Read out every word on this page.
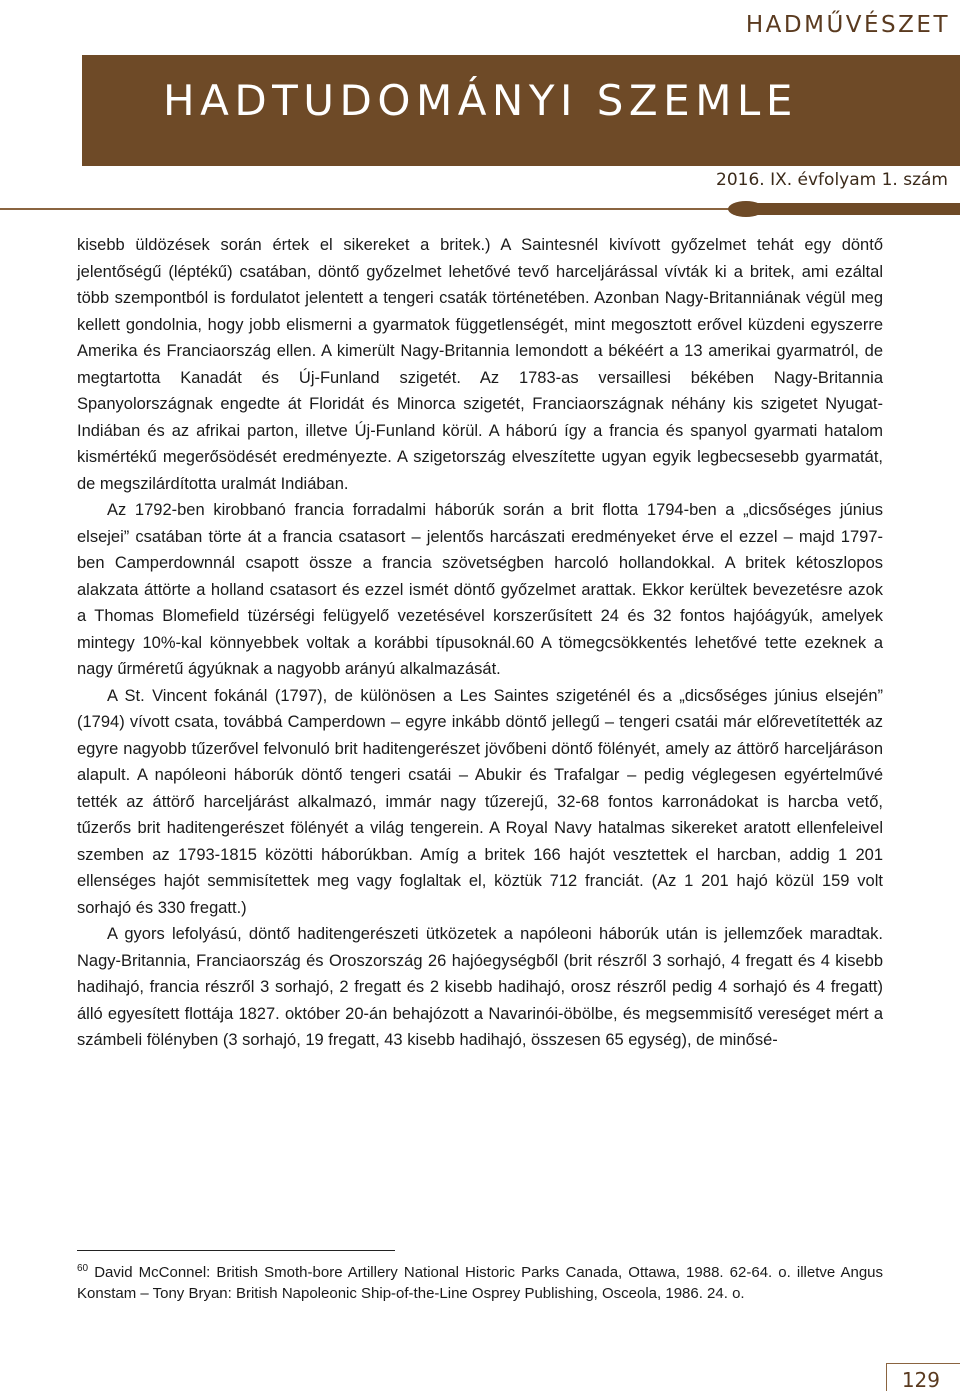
HADMŰVÉSZET
HADTUDOMÁNYI SZEMLE
2016. IX. évfolyam 1. szám

kisebb üldözések során értek el sikereket a britek.) A Saintesnél kivívott győzelmet tehát egy döntő jelentőségű (léptékű) csatában, döntő győzelmet lehetővé tevő harceljárással vívták ki a britek, ami ezáltal több szempontból is fordulatot jelentett a tengeri csaták történetében. Azonban Nagy-Britanniának végül meg kellett gondolnia, hogy jobb elismerni a gyarmatok függetlenségét, mint megosztott erővel küzdeni egyszerre Amerika és Franciaország ellen. A kimerült Nagy-Britannia lemondott a békéért a 13 amerikai gyarmatról, de megtartotta Kanadát és Új-Funland szigetét. Az 1783-as versaillesi békében Nagy-Britannia Spanyolországnak engedte át Floridát és Minorca szigetét, Franciaországnak néhány kis szigetet Nyugat-Indiában és az afrikai parton, illetve Új-Funland körül. A háború így a francia és spanyol gyarmati hatalom kismértékű megerősödését eredményezte. A szigetország elveszítette ugyan egyik legbecsesebb gyarmatát, de megszilárdította uralmát Indiában.

Az 1792-ben kirobbanó francia forradalmi háborúk során a brit flotta 1794-ben a „dicsőséges június elsejei” csatában törte át a francia csatasort – jelentős harcászati eredményeket érve el ezzel – majd 1797-ben Camperdownnál csapott össze a francia szövetségben harcoló hollandokkal. A britek kétoszlopos alakzata áttörte a holland csatasort és ezzel ismét döntő győzelmet arattak. Ekkor kerültek bevezetésre azok a Thomas Blomefield tüzérségi felügyelő vezetésével korszerűsített 24 és 32 fontos hajóágyúk, amelyek mintegy 10%-kal könnyebbek voltak a korábbi típusoknál.60 A tömegcsökkentés lehetővé tette ezeknek a nagy űrméretű ágyúknak a nagyobb arányú alkalmazását.

A St. Vincent fokánál (1797), de különösen a Les Saintes szigeténél és a „dicsőséges június elsején” (1794) vívott csata, továbbá Camperdown – egyre inkább döntő jellegű – tengeri csatái már előrevetítették az egyre nagyobb tűzerővel felvonuló brit haditengerészet jövőbeni döntő fölényét, amely az áttörő harceljáráson alapult. A napóleoni háborúk döntő tengeri csatái – Abukir és Trafalgar – pedig véglegesen egyértelművé tették az áttörő harceljárást alkalmazó, immár nagy tűzerejű, 32-68 fontos karronádokat is harcba vető, tűzerős brit haditengerészet fölényét a világ tengerein. A Royal Navy hatalmas sikereket aratott ellenfeleivel szemben az 1793-1815 közötti háborúkban. Amíg a britek 166 hajót vesztettek el harcban, addig 1 201 ellenséges hajót semmisítettek meg vagy foglaltak el, köztük 712 franciát. (Az 1 201 hajó közül 159 volt sorhajó és 330 fregatt.)

A gyors lefolyású, döntő haditengerészeti ütközetek a napóleoni háborúk után is jellemzőek maradtak. Nagy-Britannia, Franciaország és Oroszország 26 hajóegységből (brit részről 3 sorhajó, 4 fregatt és 4 kisebb hadihajó, francia részről 3 sorhajó, 2 fregatt és 2 kisebb hadihajó, orosz részről pedig 4 sorhajó és 4 fregatt) álló egyesített flottája 1827. október 20-án behajózott a Navarinói-öbölbe, és megsemmisítő vereséget mért a számbeli fölényben (3 sorhajó, 19 fregatt, 43 kisebb hadihajó, összesen 65 egység), de minősé-

$^{60}$ David McConnel: British Smoth-bore Artillery National Historic Parks Canada, Ottawa, 1988. 62-64. o. illetve Angus Konstam – Tony Bryan: British Napoleonic Ship-of-the-Line Osprey Publishing, Osceola, 1986. 24. o.
129
